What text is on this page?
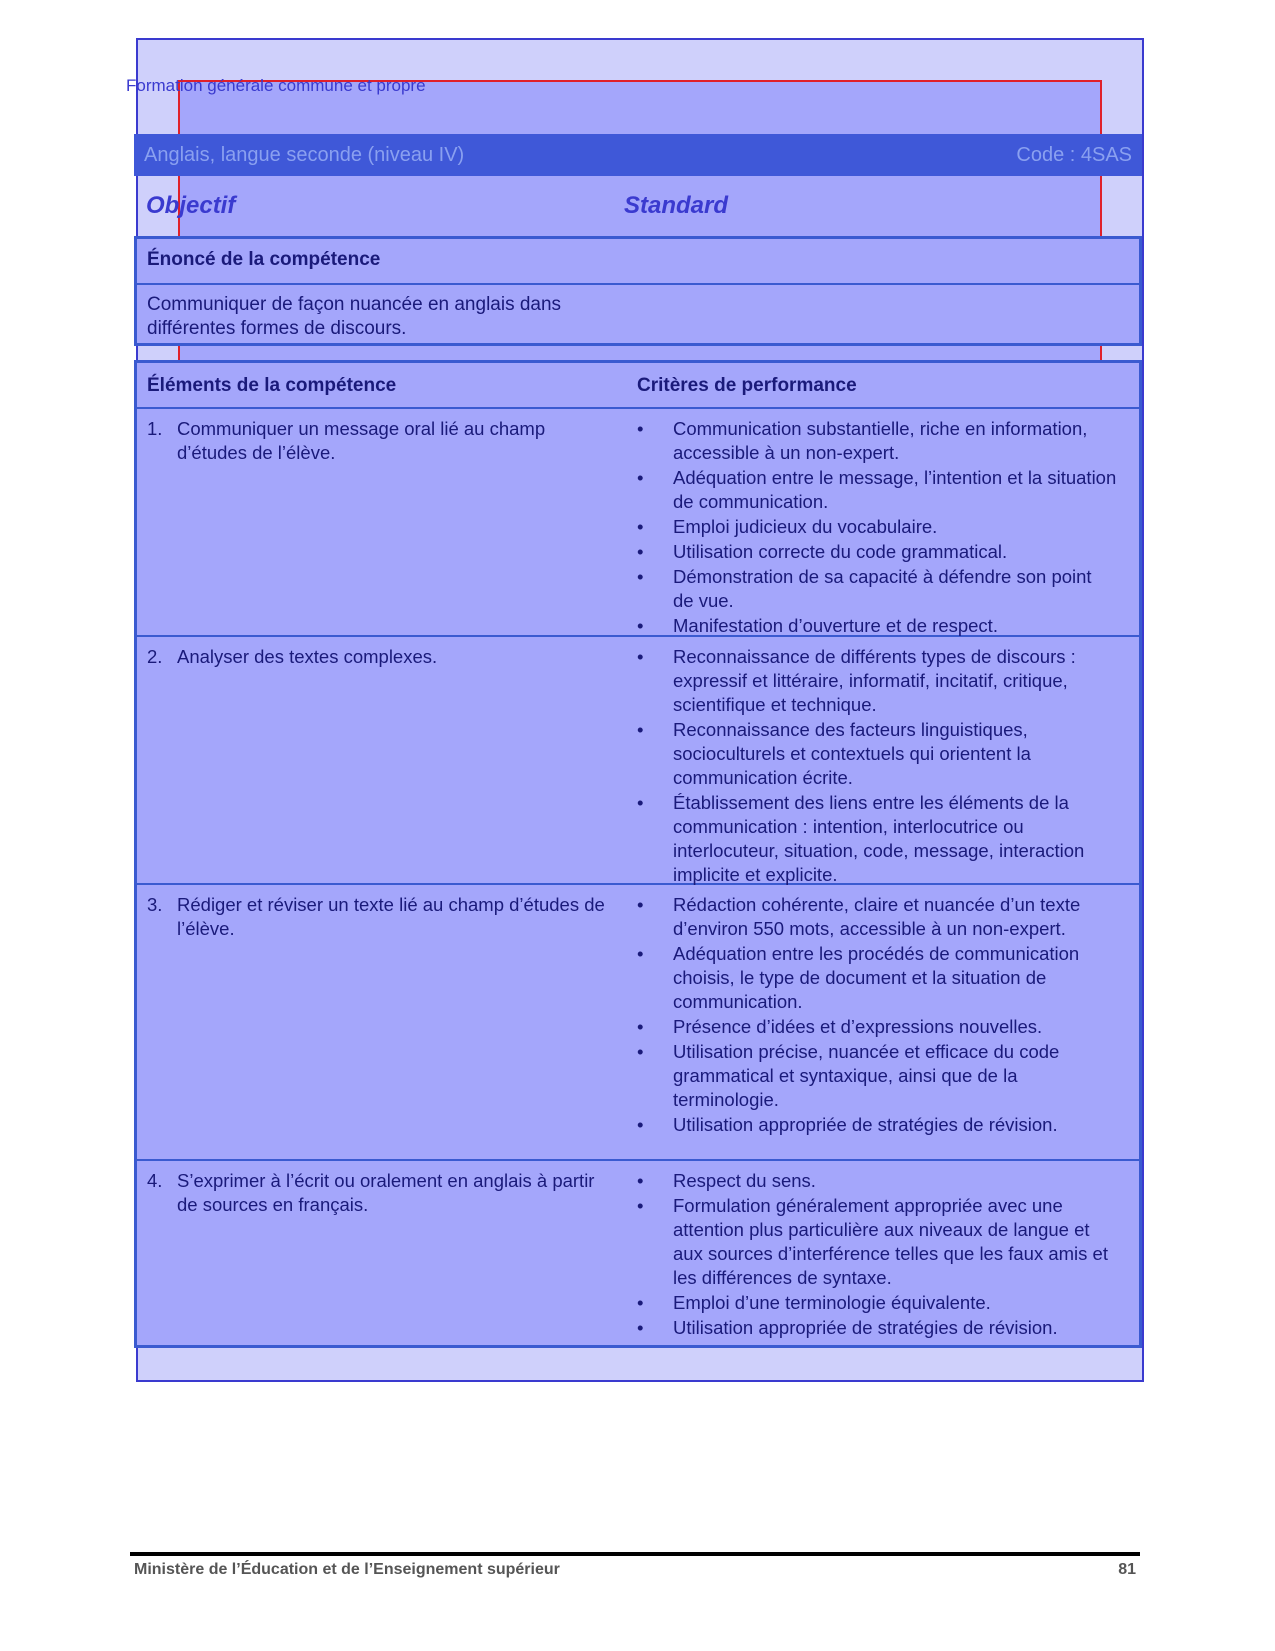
Formation générale commune et propre
Anglais, langue seconde (niveau IV)	Code : 4SAS
Objectif	Standard
Énoncé de la compétence
Communiquer de façon nuancée en anglais dans
différentes formes de discours.
Éléments de la compétence	Critères de performance
1. Communiquer un message oral lié au champ d’études de l’élève.
• Communication substantielle, riche en information, accessible à un non-expert.
• Adéquation entre le message, l’intention et la situation de communication.
• Emploi judicieux du vocabulaire.
• Utilisation correcte du code grammatical.
• Démonstration de sa capacité à défendre son point de vue.
• Manifestation d’ouverture et de respect.
2. Analyser des textes complexes.
•	Reconnaissance de différents types de discours : expressif et littéraire, informatif, incitatif, critique, scientifique et technique.
• Reconnaissance des facteurs linguistiques, socioculturels et contextuels qui orientent la communication écrite.
• Établissement des liens entre les éléments de la communication : intention, interlocutrice ou interlocuteur, situation, code, message, interaction implicite et explicite.
3. Rédiger et réviser un texte lié au champ d’études de l’élève.
• Rédaction cohérente, claire et nuancée d’un texte d’environ 550 mots, accessible à un non-expert.
• Adéquation entre les procédés de communication choisis, le type de document et la situation de communication.
• Présence d’idées et d’expressions nouvelles.
• Utilisation précise, nuancée et efficace du code grammatical et syntaxique, ainsi que de la terminologie.
• Utilisation appropriée de stratégies de révision.
4. S’exprimer à l’écrit ou oralement en anglais à partir de sources en français.
• Respect du sens.
• Formulation généralement appropriée avec une attention plus particulière aux niveaux de langue et aux sources d’interférence telles que les faux amis et les différences de syntaxe.
• Emploi d’une terminologie équivalente.
• Utilisation appropriée de stratégies de révision.
Ministère de l’Éducation et de l’Enseignement supérieur	81
